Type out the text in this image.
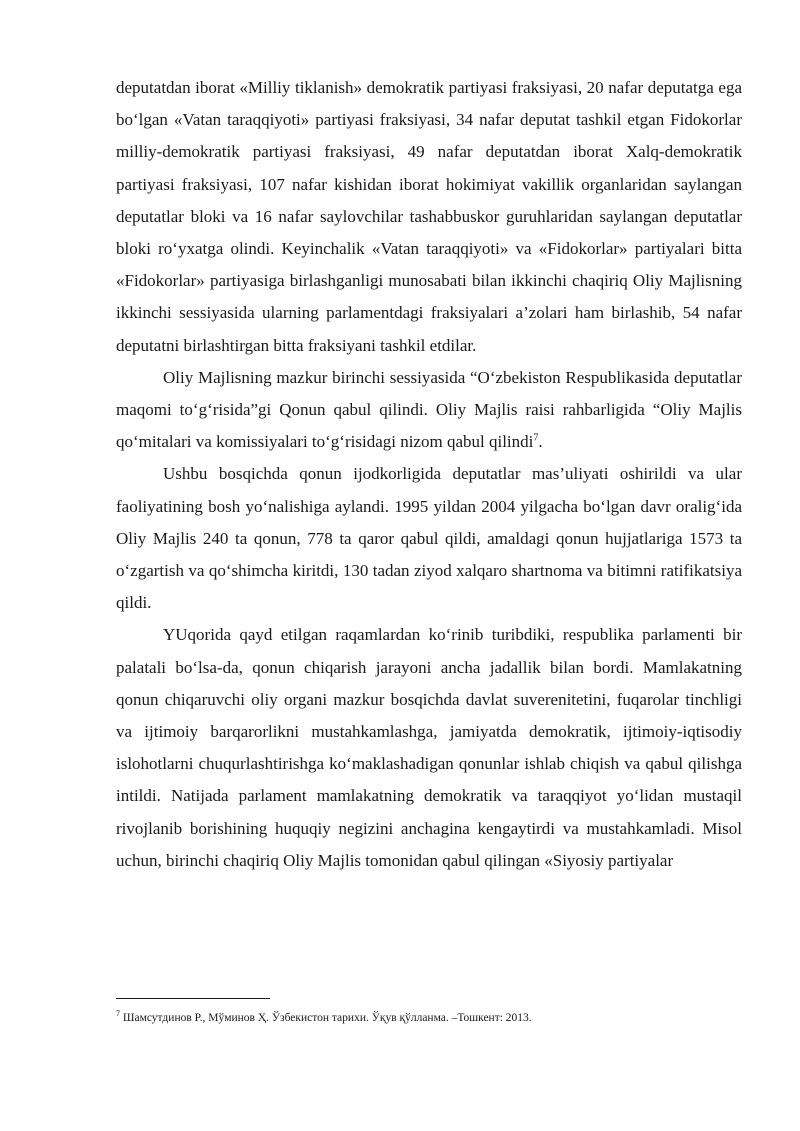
deputatdan iborat «Milliy tiklanish» demokratik partiyasi fraksiyasi, 20 nafar deputatga ega boʻlgan «Vatan taraqqiyoti» partiyasi fraksiyasi, 34 nafar deputat tashkil etgan Fidokorlar milliy-demokratik partiyasi fraksiyasi, 49 nafar deputatdan iborat Xalq-demokratik partiyasi fraksiyasi, 107 nafar kishidan iborat hokimiyat vakillik organlaridan saylangan deputatlar bloki va 16 nafar saylovchilar tashabbuskor guruhlaridan saylangan deputatlar bloki roʻyxatga olindi. Keyinchalik «Vatan taraqqiyoti» va «Fidokorlar» partiyalari bitta «Fidokorlar» partiyasiga birlashganligi munosabati bilan ikkinchi chaqiriq Oliy Majlisning ikkinchi sessiyasida ularning parlamentdagi fraksiyalari a’zolari ham birlashib, 54 nafar deputatni birlashtirgan bitta fraksiyani tashkil etdilar.

Oliy Majlisning mazkur birinchi sessiyasida “Oʻzbekiston Respublikasida deputatlar maqomi toʻgʻrisida”gi Qonun qabul qilindi. Oliy Majlis raisi rahbarligida “Oliy Majlis qoʻmitalari va komissiyalari toʻgʻrisidagi nizom qabul qilindi$^7$.

Ushbu bosqichda qonun ijodkorligida deputatlar mas’uliyati oshirildi va ular faoliyatining bosh yoʻnalishiga aylandi. 1995 yildan 2004 yilgacha boʻlgan davr oraligʻida Oliy Majlis 240 ta qonun, 778 ta qaror qabul qildi, amaldagi qonun hujjatlariga 1573 ta oʻzgartish va qoʻshimcha kiritdi, 130 tadan ziyod xalqaro shartnoma va bitimni ratifikatsiya qildi.

YUqorida qayd etilgan raqamlardan koʻrinib turibdiki, respublika parlamenti bir palatali boʻlsa-da, qonun chiqarish jarayoni ancha jadallik bilan bordi. Mamlakatning qonun chiqaruvchi oliy organi mazkur bosqichda davlat suverenitetini, fuqarolar tinchligi va ijtimoiy barqarorlikni mustahkamlashga, jamiyatda demokratik, ijtimoiy-iqtisodiy islohotlarni chuqurlashtirishga koʻmaklashadigan qonunlar ishlab chiqish va qabul qilishga intildi. Natijada parlament mamlakatning demokratik va taraqqiyot yoʻlidan mustaqil rivojlanib borishining huquqiy negizini anchagina kengaytirdi va mustahkamladi. Misol uchun, birinchi chaqiriq Oliy Majlis tomonidan qabul qilingan «Siyosiy partiyalar

$^7$ Шамсутдинов Р., Мўминов Ҳ. Ўзбекистон тарихи. Ўқув қўлланма. –Тошкент: 2013.
